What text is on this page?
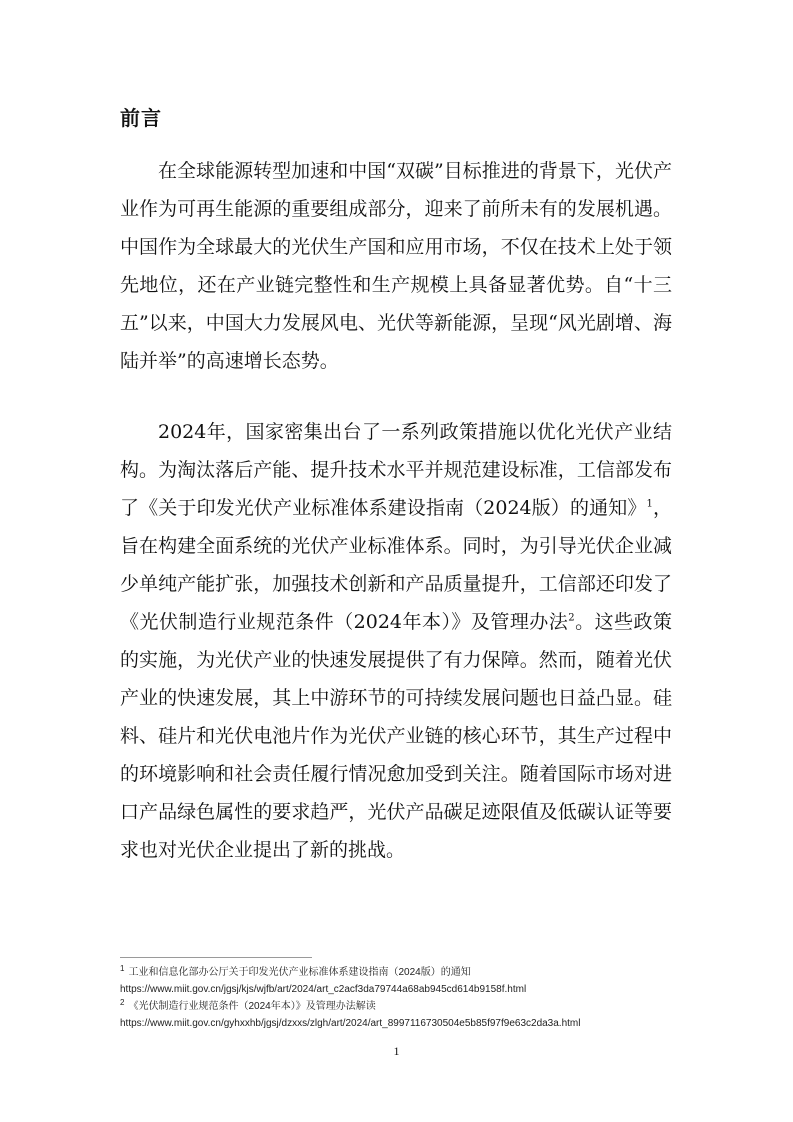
前言

在全球能源转型加速和中国“双碳”目标推进的背景下，光伏产业作为可再生能源的重要组成部分，迎来了前所未有的发展机遇。中国作为全球最大的光伏生产国和应用市场，不仅在技术上处于领先地位，还在产业链完整性和生产规模上具备显著优势。自“十三五”以来，中国大力发展风电、光伏等新能源，呈现“风光剧增、海陆并举”的高速增长态势。

2024年，国家密集出台了一系列政策措施以优化光伏产业结构。为淘汰落后产能、提升技术水平并规范建设标准，工信部发布了《关于印发光伏产业标准体系建设指南（2024版）的通知》$^1$，旨在构建全面系统的光伏产业标准体系。同时，为引导光伏企业减少单纯产能扩张，加强技术创新和产品质量提升，工信部还印发了《光伏制造行业规范条件（2024年本）》及管理办法$^2$。这些政策的实施，为光伏产业的快速发展提供了有力保障。然而，随着光伏产业的快速发展，其上中游环节的可持续发展问题也日益凸显。硅料、硅片和光伏电池片作为光伏产业链的核心环节，其生产过程中的环境影响和社会责任履行情况愈加受到关注。随着国际市场对进口产品绿色属性的要求趋严，光伏产品碳足迹限值及低碳认证等要求也对光伏企业提出了新的挑战。

$^1$ 工业和信息化部办公厅关于印发光伏产业标准体系建设指南（2024版）的通知 https://www.miit.gov.cn/jgsj/kjs/wjfb/art/2024/art_c2acf3da79744a68ab945cd614b9158f.html

$^2$ 《光伏制造行业规范条件（2024年本）》及管理办法解读 https://www.miit.gov.cn/gyhxxhb/jgsj/dzxxs/zlgh/art/2024/art_8997116730504e5b85f97f9e63c2da3a.html

1
